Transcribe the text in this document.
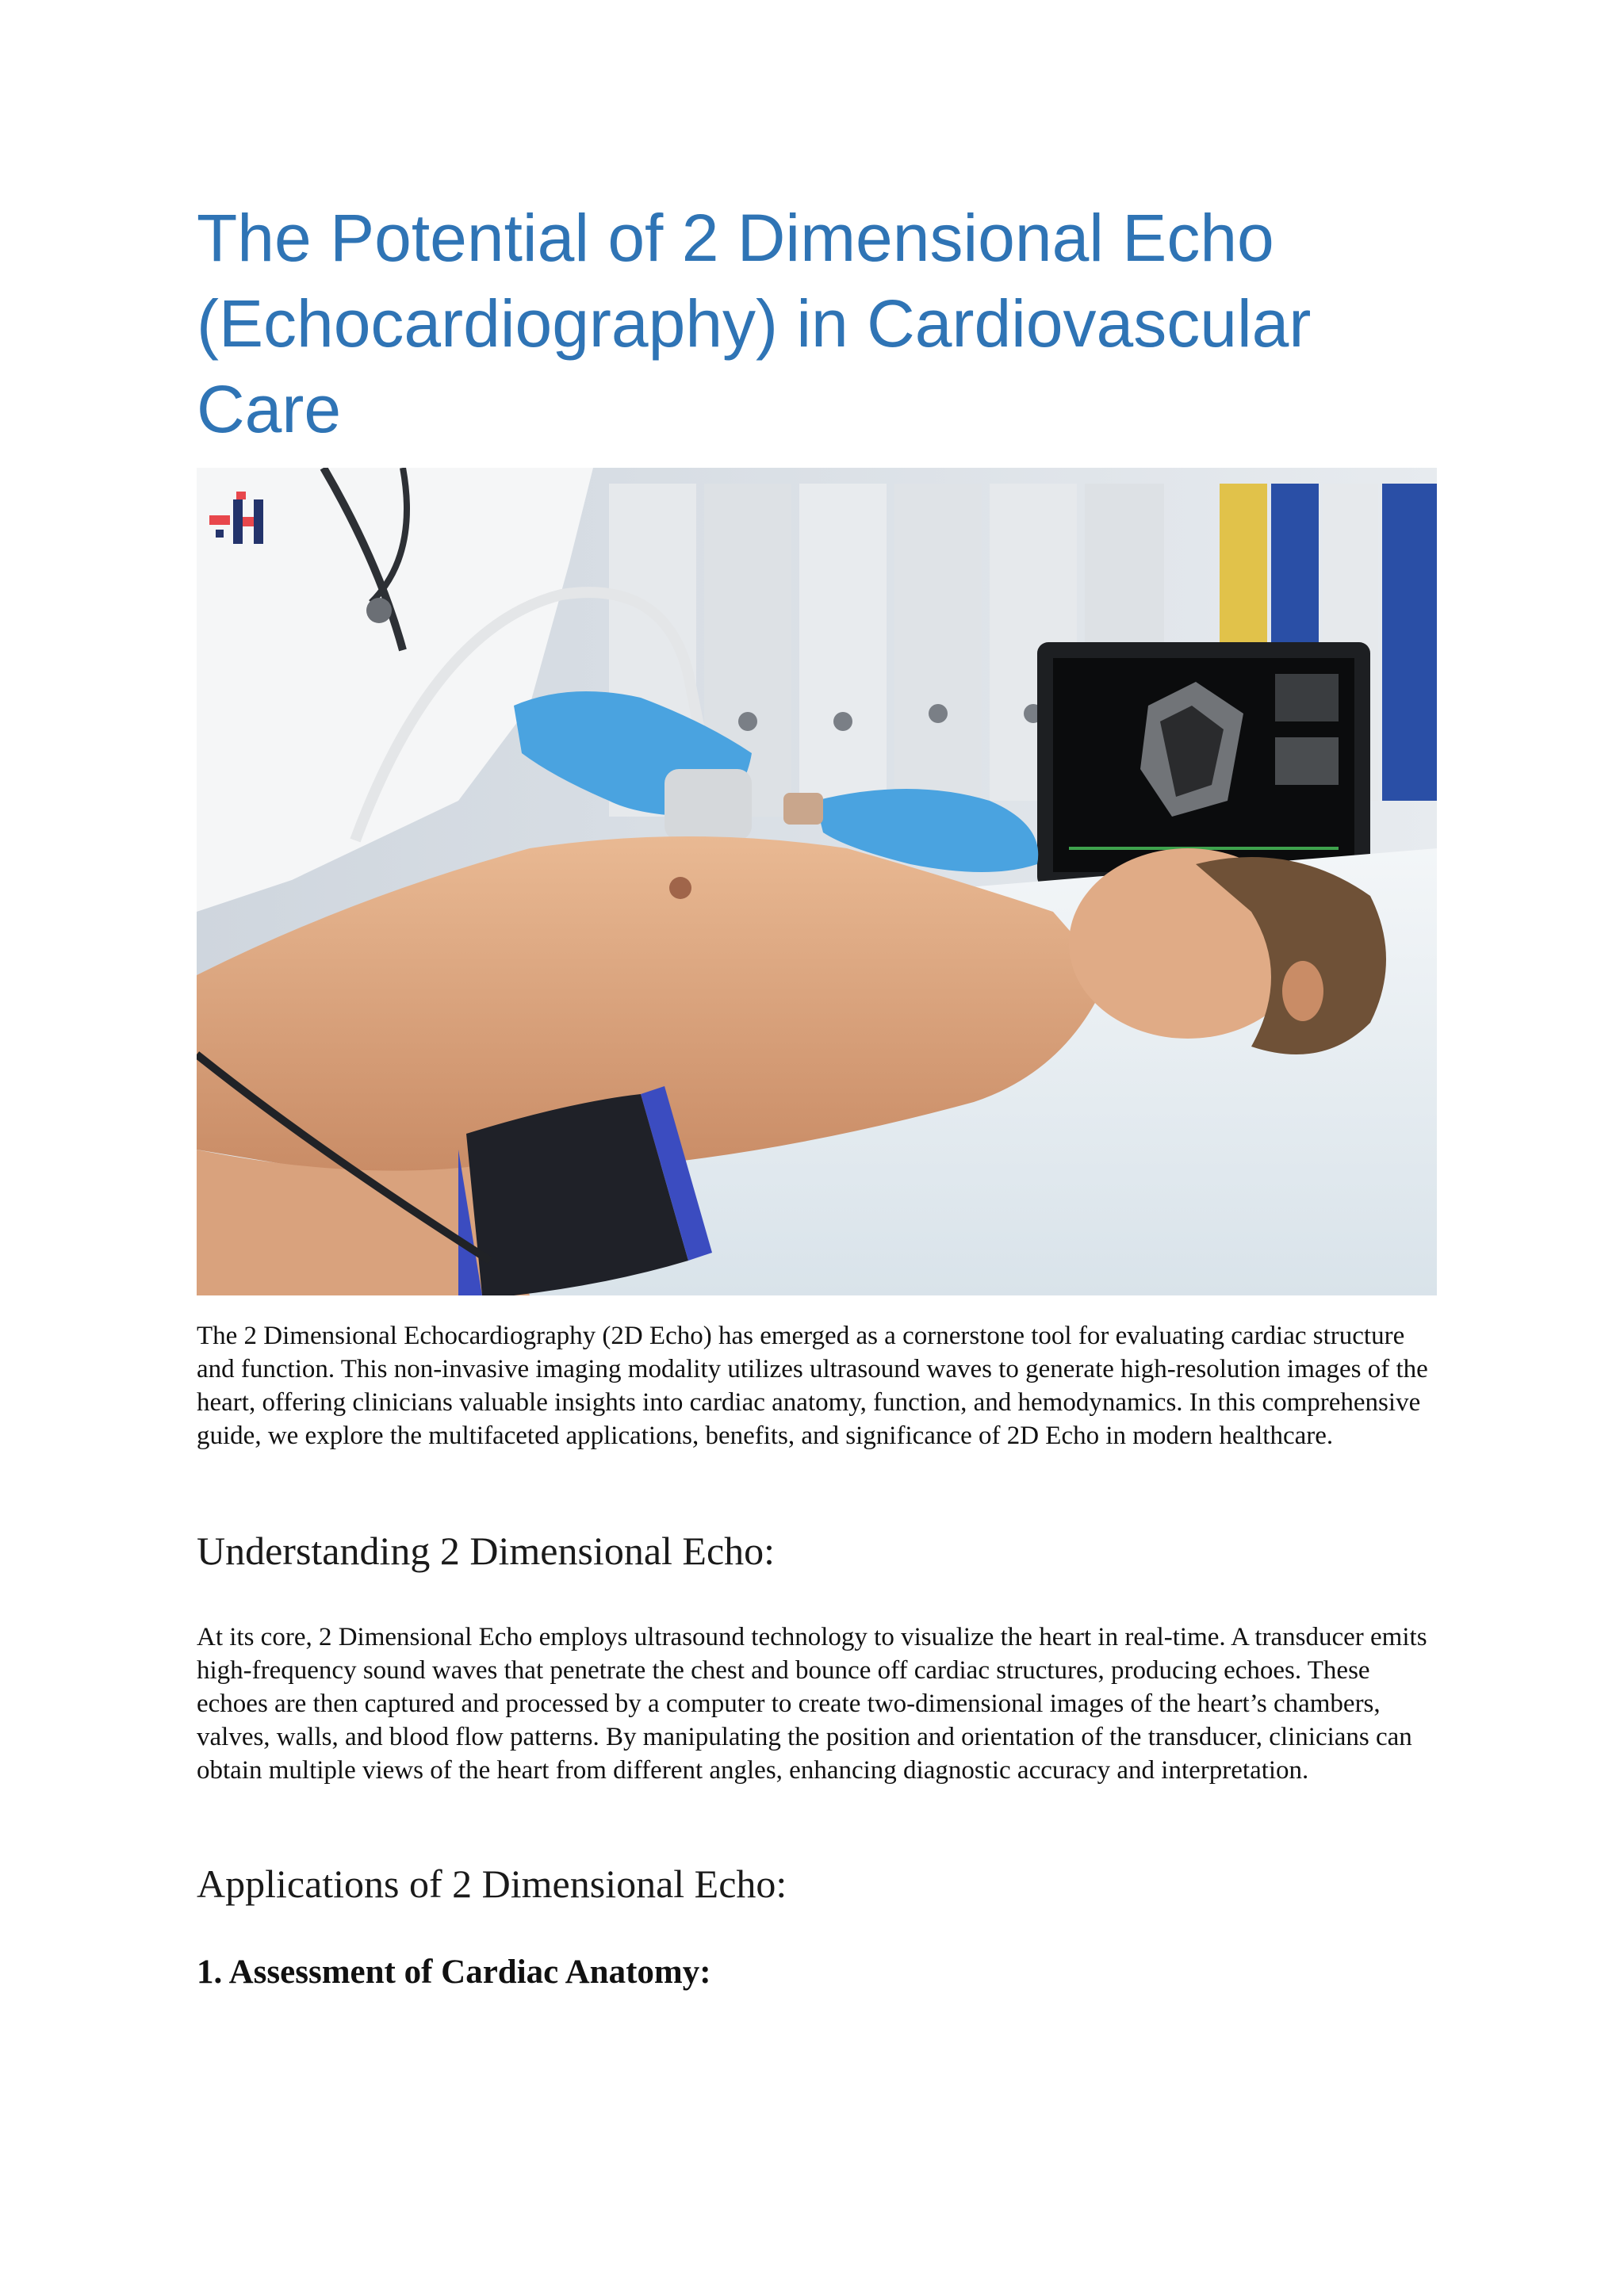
The Potential of 2 Dimensional Echo (Echocardiography) in Cardiovascular Care

The 2 Dimensional Echocardiography (2D Echo) has emerged as a cornerstone tool for evaluating cardiac structure and function. This non-invasive imaging modality utilizes ultrasound waves to generate high-resolution images of the heart, offering clinicians valuable insights into cardiac anatomy, function, and hemodynamics. In this comprehensive guide, we explore the multifaceted applications, benefits, and significance of 2D Echo in modern healthcare.

Understanding 2 Dimensional Echo:

At its core, 2 Dimensional Echo employs ultrasound technology to visualize the heart in real-time. A transducer emits high-frequency sound waves that penetrate the chest and bounce off cardiac structures, producing echoes. These echoes are then captured and processed by a computer to create two-dimensional images of the heart’s chambers, valves, walls, and blood flow patterns. By manipulating the position and orientation of the transducer, clinicians can obtain multiple views of the heart from different angles, enhancing diagnostic accuracy and interpretation.

Applications of 2 Dimensional Echo:
1. Assessment of Cardiac Anatomy:
